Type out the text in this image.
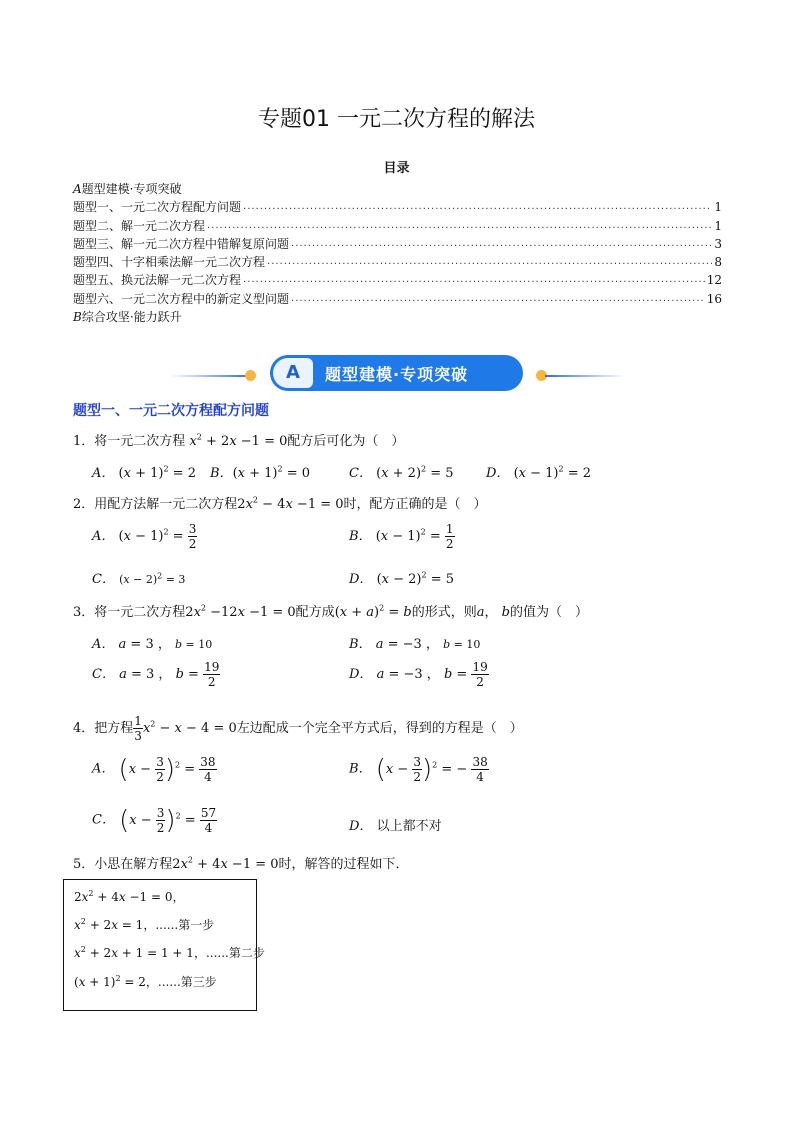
专题01 一元二次方程的解法
目录
A题型建模·专项突破
题型一、一元二次方程配方问题 .....	1
题型二、解一元二次方程 .....	1
题型三、解一元二次方程中错解复原问题 .....	3
题型四、十字相乘法解一元二次方程 .....	8
题型五、换元法解一元二次方程 .....	12
题型六、一元二次方程中的新定义型问题 .....	16
B综合攻坚·能力跃升
A	题型建模·专项突破
题型一、一元二次方程配方问题
1．将一元二次方程 $x^2 + 2x -1 = 0$配方后可化为（　）
A． $(x + 1)^2 = 2$ B．$(x + 1)^2 = 0$	C． $(x + 2)^2 = 5$ D． $(x - 1)^2 = 2$
2．用配方法解一元二次方程$2x^2 - 4x -1 = 0$时，配方正确的是（　）
A． $(x - 1)^2 = \frac{3}{2}$	B． $(x - 1)^2 = \frac{1}{2}$
C． $(x - 2)^2 = 3$	D． $(x - 2)^2 = 5$
3．将一元二次方程$2x^2 -12x -1 = 0$配方成$(x + a)^2 = b$的形式，则a， b的值为（　）
A． a = 3 ， b = 10	B． a = −3 ， b = 10
C． a = 3 ， $b = \frac{19}{2}$	D． a = −3 ， $b = \frac{19}{2}$
4．把方程 $\frac{1}{3} x^2 - x - 4 = 0$左边配成一个完全平方式后，得到的方程是（　）
A． $(x - \frac{3}{2} )^2 = \frac{38}{4}$	B． $(x - \frac{3}{2} )^2$ = − $\frac{38}{4}$
C． $(x - \frac{3}{2} )^2 = \frac{57}{4}$	D． 以上都不对
5．小思在解方程$2x^2 + 4x -1 = 0$时，解答的过程如下．
$2x^2 + 4x -1 = 0$，
$x^2 + 2x = 1$，......第一步
$x^2 + 2x + 1 = 1 + 1$，......第二步
$(x + 1)^2 = 2$，......第三步
